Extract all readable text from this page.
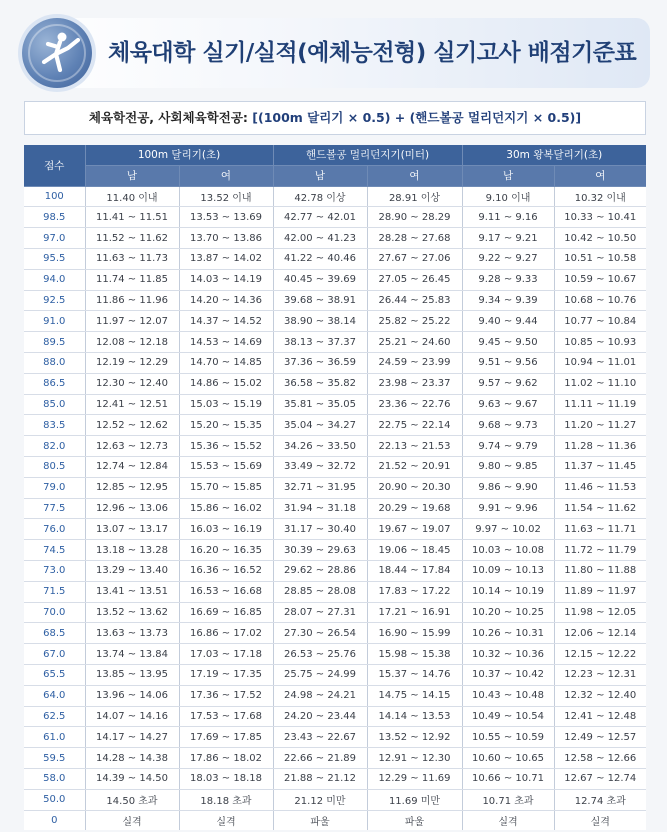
체육대학 실기/실적(예체능전형) 실기고사 배점기준표
체육학전공, 사회체육학전공: [(100m 달리기 × 0.5) + (핸드볼공 멀리던지기 × 0.5)]
점수	100m 달리기(초)		핸드볼공 멀리던지기(미터)		30m 왕복달리기(초)	
	남	여	남	여	남	여
100	11.40 이내	13.52 이내	42.78 이상	28.91 이상	9.10 이내	10.32 이내
98.5	11.41 ~ 11.51	13.53 ~ 13.69	42.77 ~ 42.01	28.90 ~ 28.29	9.11 ~ 9.16	10.33 ~ 10.41
97.0	11.52 ~ 11.62	13.70 ~ 13.86	42.00 ~ 41.23	28.28 ~ 27.68	9.17 ~ 9.21	10.42 ~ 10.50
95.5	11.63 ~ 11.73	13.87 ~ 14.02	41.22 ~ 40.46	27.67 ~ 27.06	9.22 ~ 9.27	10.51 ~ 10.58
94.0	11.74 ~ 11.85	14.03 ~ 14.19	40.45 ~ 39.69	27.05 ~ 26.45	9.28 ~ 9.33	10.59 ~ 10.67
92.5	11.86 ~ 11.96	14.20 ~ 14.36	39.68 ~ 38.91	26.44 ~ 25.83	9.34 ~ 9.39	10.68 ~ 10.76
91.0	11.97 ~ 12.07	14.37 ~ 14.52	38.90 ~ 38.14	25.82 ~ 25.22	9.40 ~ 9.44	10.77 ~ 10.84
89.5	12.08 ~ 12.18	14.53 ~ 14.69	38.13 ~ 37.37	25.21 ~ 24.60	9.45 ~ 9.50	10.85 ~ 10.93
88.0	12.19 ~ 12.29	14.70 ~ 14.85	37.36 ~ 36.59	24.59 ~ 23.99	9.51 ~ 9.56	10.94 ~ 11.01
86.5	12.30 ~ 12.40	14.86 ~ 15.02	36.58 ~ 35.82	23.98 ~ 23.37	9.57 ~ 9.62	11.02 ~ 11.10
85.0	12.41 ~ 12.51	15.03 ~ 15.19	35.81 ~ 35.05	23.36 ~ 22.76	9.63 ~ 9.67	11.11 ~ 11.19
83.5	12.52 ~ 12.62	15.20 ~ 15.35	35.04 ~ 34.27	22.75 ~ 22.14	9.68 ~ 9.73	11.20 ~ 11.27
82.0	12.63 ~ 12.73	15.36 ~ 15.52	34.26 ~ 33.50	22.13 ~ 21.53	9.74 ~ 9.79	11.28 ~ 11.36
80.5	12.74 ~ 12.84	15.53 ~ 15.69	33.49 ~ 32.72	21.52 ~ 20.91	9.80 ~ 9.85	11.37 ~ 11.45
79.0	12.85 ~ 12.95	15.70 ~ 15.85	32.71 ~ 31.95	20.90 ~ 20.30	9.86 ~ 9.90	11.46 ~ 11.53
77.5	12.96 ~ 13.06	15.86 ~ 16.02	31.94 ~ 31.18	20.29 ~ 19.68	9.91 ~ 9.96	11.54 ~ 11.62
76.0	13.07 ~ 13.17	16.03 ~ 16.19	31.17 ~ 30.40	19.67 ~ 19.07	9.97 ~ 10.02	11.63 ~ 11.71
74.5	13.18 ~ 13.28	16.20 ~ 16.35	30.39 ~ 29.63	19.06 ~ 18.45	10.03 ~ 10.08	11.72 ~ 11.79
73.0	13.29 ~ 13.40	16.36 ~ 16.52	29.62 ~ 28.86	18.44 ~ 17.84	10.09 ~ 10.13	11.80 ~ 11.88
71.5	13.41 ~ 13.51	16.53 ~ 16.68	28.85 ~ 28.08	17.83 ~ 17.22	10.14 ~ 10.19	11.89 ~ 11.97
70.0	13.52 ~ 13.62	16.69 ~ 16.85	28.07 ~ 27.31	17.21 ~ 16.91	10.20 ~ 10.25	11.98 ~ 12.05
68.5	13.63 ~ 13.73	16.86 ~ 17.02	27.30 ~ 26.54	16.90 ~ 15.99	10.26 ~ 10.31	12.06 ~ 12.14
67.0	13.74 ~ 13.84	17.03 ~ 17.18	26.53 ~ 25.76	15.98 ~ 15.38	10.32 ~ 10.36	12.15 ~ 12.22
65.5	13.85 ~ 13.95	17.19 ~ 17.35	25.75 ~ 24.99	15.37 ~ 14.76	10.37 ~ 10.42	12.23 ~ 12.31
64.0	13.96 ~ 14.06	17.36 ~ 17.52	24.98 ~ 24.21	14.75 ~ 14.15	10.43 ~ 10.48	12.32 ~ 12.40
62.5	14.07 ~ 14.16	17.53 ~ 17.68	24.20 ~ 23.44	14.14 ~ 13.53	10.49 ~ 10.54	12.41 ~ 12.48
61.0	14.17 ~ 14.27	17.69 ~ 17.85	23.43 ~ 22.67	13.52 ~ 12.92	10.55 ~ 10.59	12.49 ~ 12.57
59.5	14.28 ~ 14.38	17.86 ~ 18.02	22.66 ~ 21.89	12.91 ~ 12.30	10.60 ~ 10.65	12.58 ~ 12.66
58.0	14.39 ~ 14.50	18.03 ~ 18.18	21.88 ~ 21.12	12.29 ~ 11.69	10.66 ~ 10.71	12.67 ~ 12.74
50.0	14.50 초과	18.18 초과	21.12 미만	11.69 미만	10.71 초과	12.74 초과
0	실격	실격	파울	파울	실격	실격
